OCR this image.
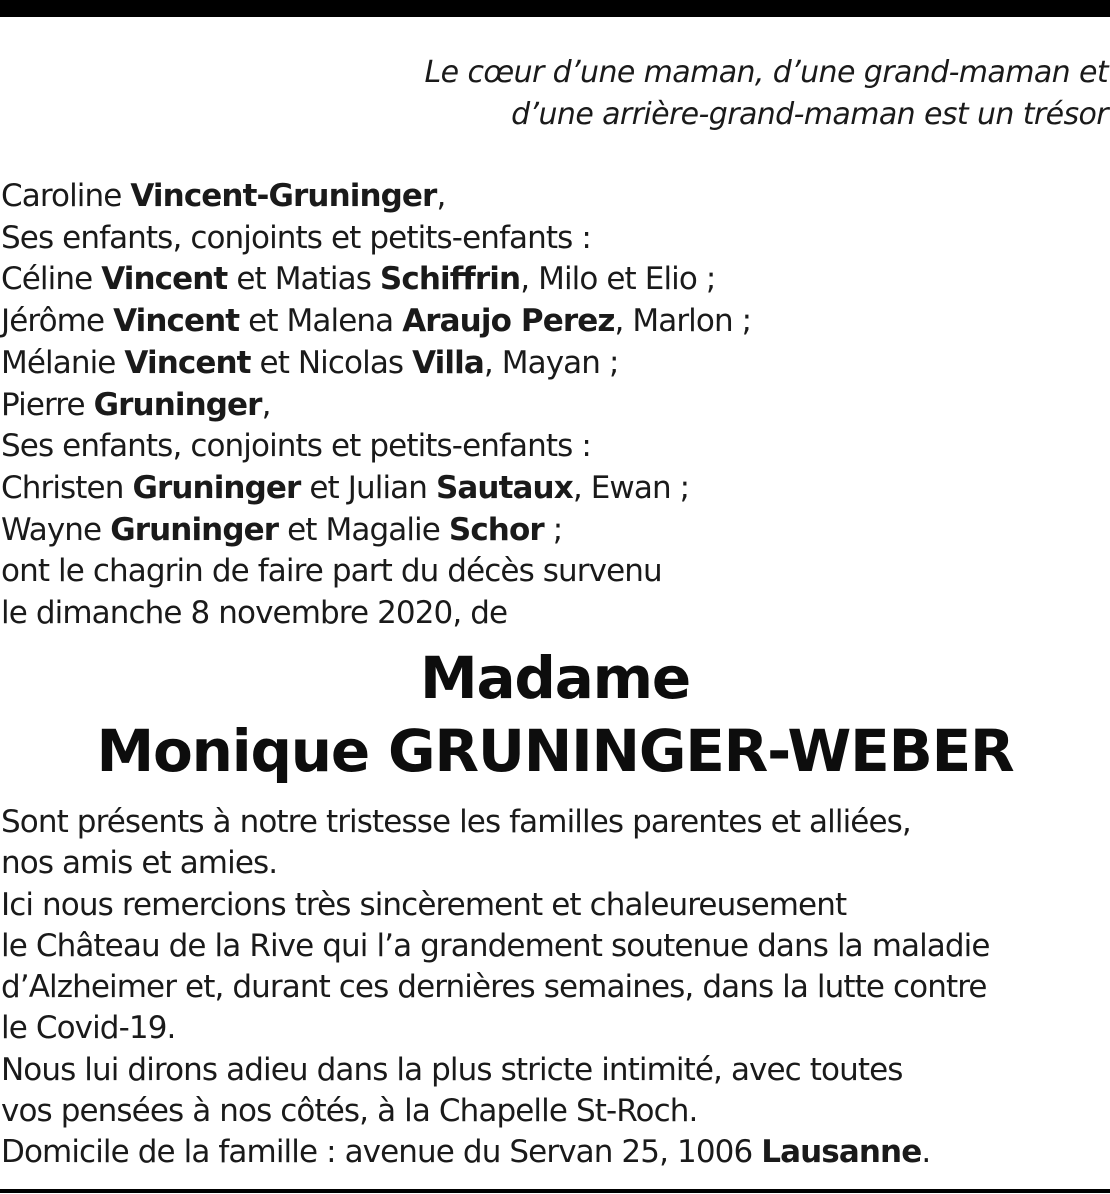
Le cœur d’une maman, d’une grand-maman et
d’une arrière-grand-maman est un trésor
Caroline Vincent-Gruninger,
Ses enfants, conjoints et petits-enfants :
Céline Vincent et Matias Schiffrin, Milo et Elio ;
Jérôme Vincent et Malena Araujo Perez, Marlon ;
Mélanie Vincent et Nicolas Villa, Mayan ;
Pierre Gruninger,
Ses enfants, conjoints et petits-enfants :
Christen Gruninger et Julian Sautaux, Ewan ;
Wayne Gruninger et Magalie Schor ;
ont le chagrin de faire part du décès survenu
le dimanche 8 novembre 2020, de
Madame
Monique GRUNINGER-WEBER
Sont présents à notre tristesse les familles parentes et alliées,
nos amis et amies.
Ici nous remercions très sincèrement et chaleureusement
le Château de la Rive qui l’a grandement soutenue dans la maladie
d’Alzheimer et, durant ces dernières semaines, dans la lutte contre
le Covid-19.
Nous lui dirons adieu dans la plus stricte intimité, avec toutes
vos pensées à nos côtés, à la Chapelle St-Roch.
Domicile de la famille : avenue du Servan 25, 1006 Lausanne.
